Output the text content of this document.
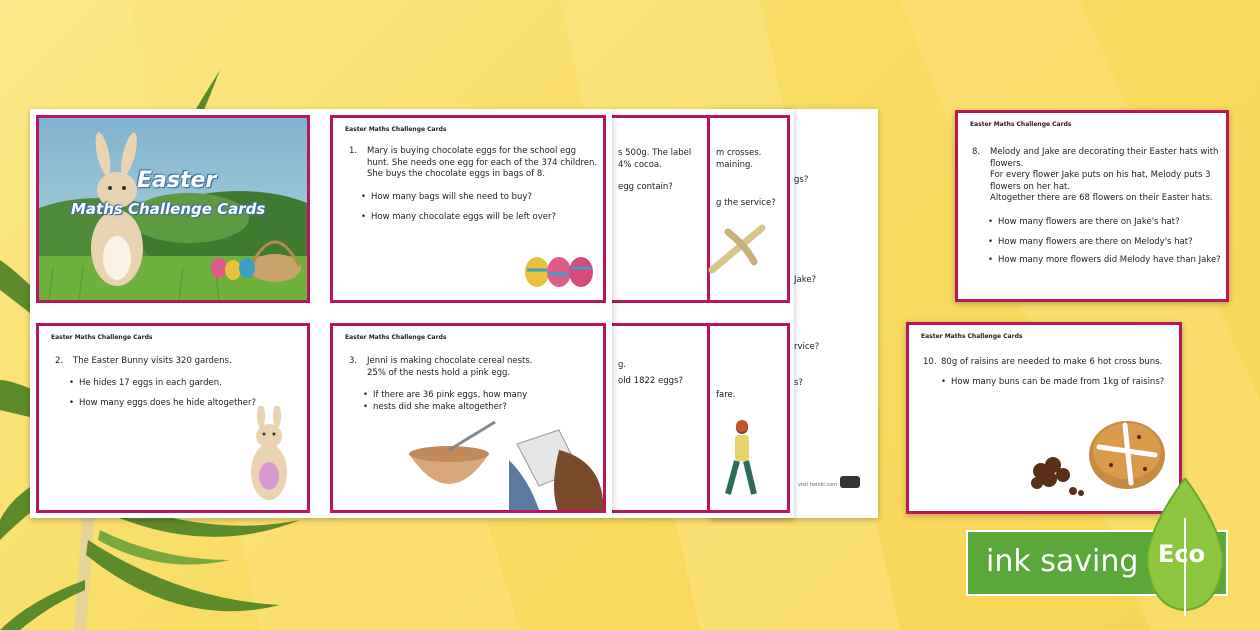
s 500g. The label
4% cocoa.
egg contain?
m crosses.
maining.
g the service?
gs?
Jake?
rvice?
s?
g.
old 1822 eggs?
fare.
visit twinkl.com
Easter
Maths Challenge Cards
Easter Maths Challenge Cards
1. Mary is buying chocolate eggs for the school egg
hunt. She needs one egg for each of the 374 children.
She buys the chocolate eggs in bags of 8.
• How many bags will she need to buy?
• How many chocolate eggs will be left over?
Easter Maths Challenge Cards
2. The Easter Bunny visits 320 gardens.
• He hides 17 eggs in each garden.
• How many eggs does he hide altogether?
Easter Maths Challenge Cards
3. Jenni is making chocolate cereal nests.
25% of the nests hold a pink egg.
• If there are 36 pink eggs, how many
• nests did she make altogether?
Easter Maths Challenge Cards
8. Melody and Jake are decorating their Easter hats with
flowers.
For every flower Jake puts on his hat, Melody puts 3
flowers on her hat.
Altogether there are 68 flowers on their Easter hats.
• How many flowers are there on Jake's hat?
• How many flowers are there on Melody's hat?
• How many more flowers did Melody have than Jake?
Easter Maths Challenge Cards
10. 80g of raisins are needed to make 6 hot cross buns.
• How many buns can be made from 1kg of raisins?
ink saving Eco
